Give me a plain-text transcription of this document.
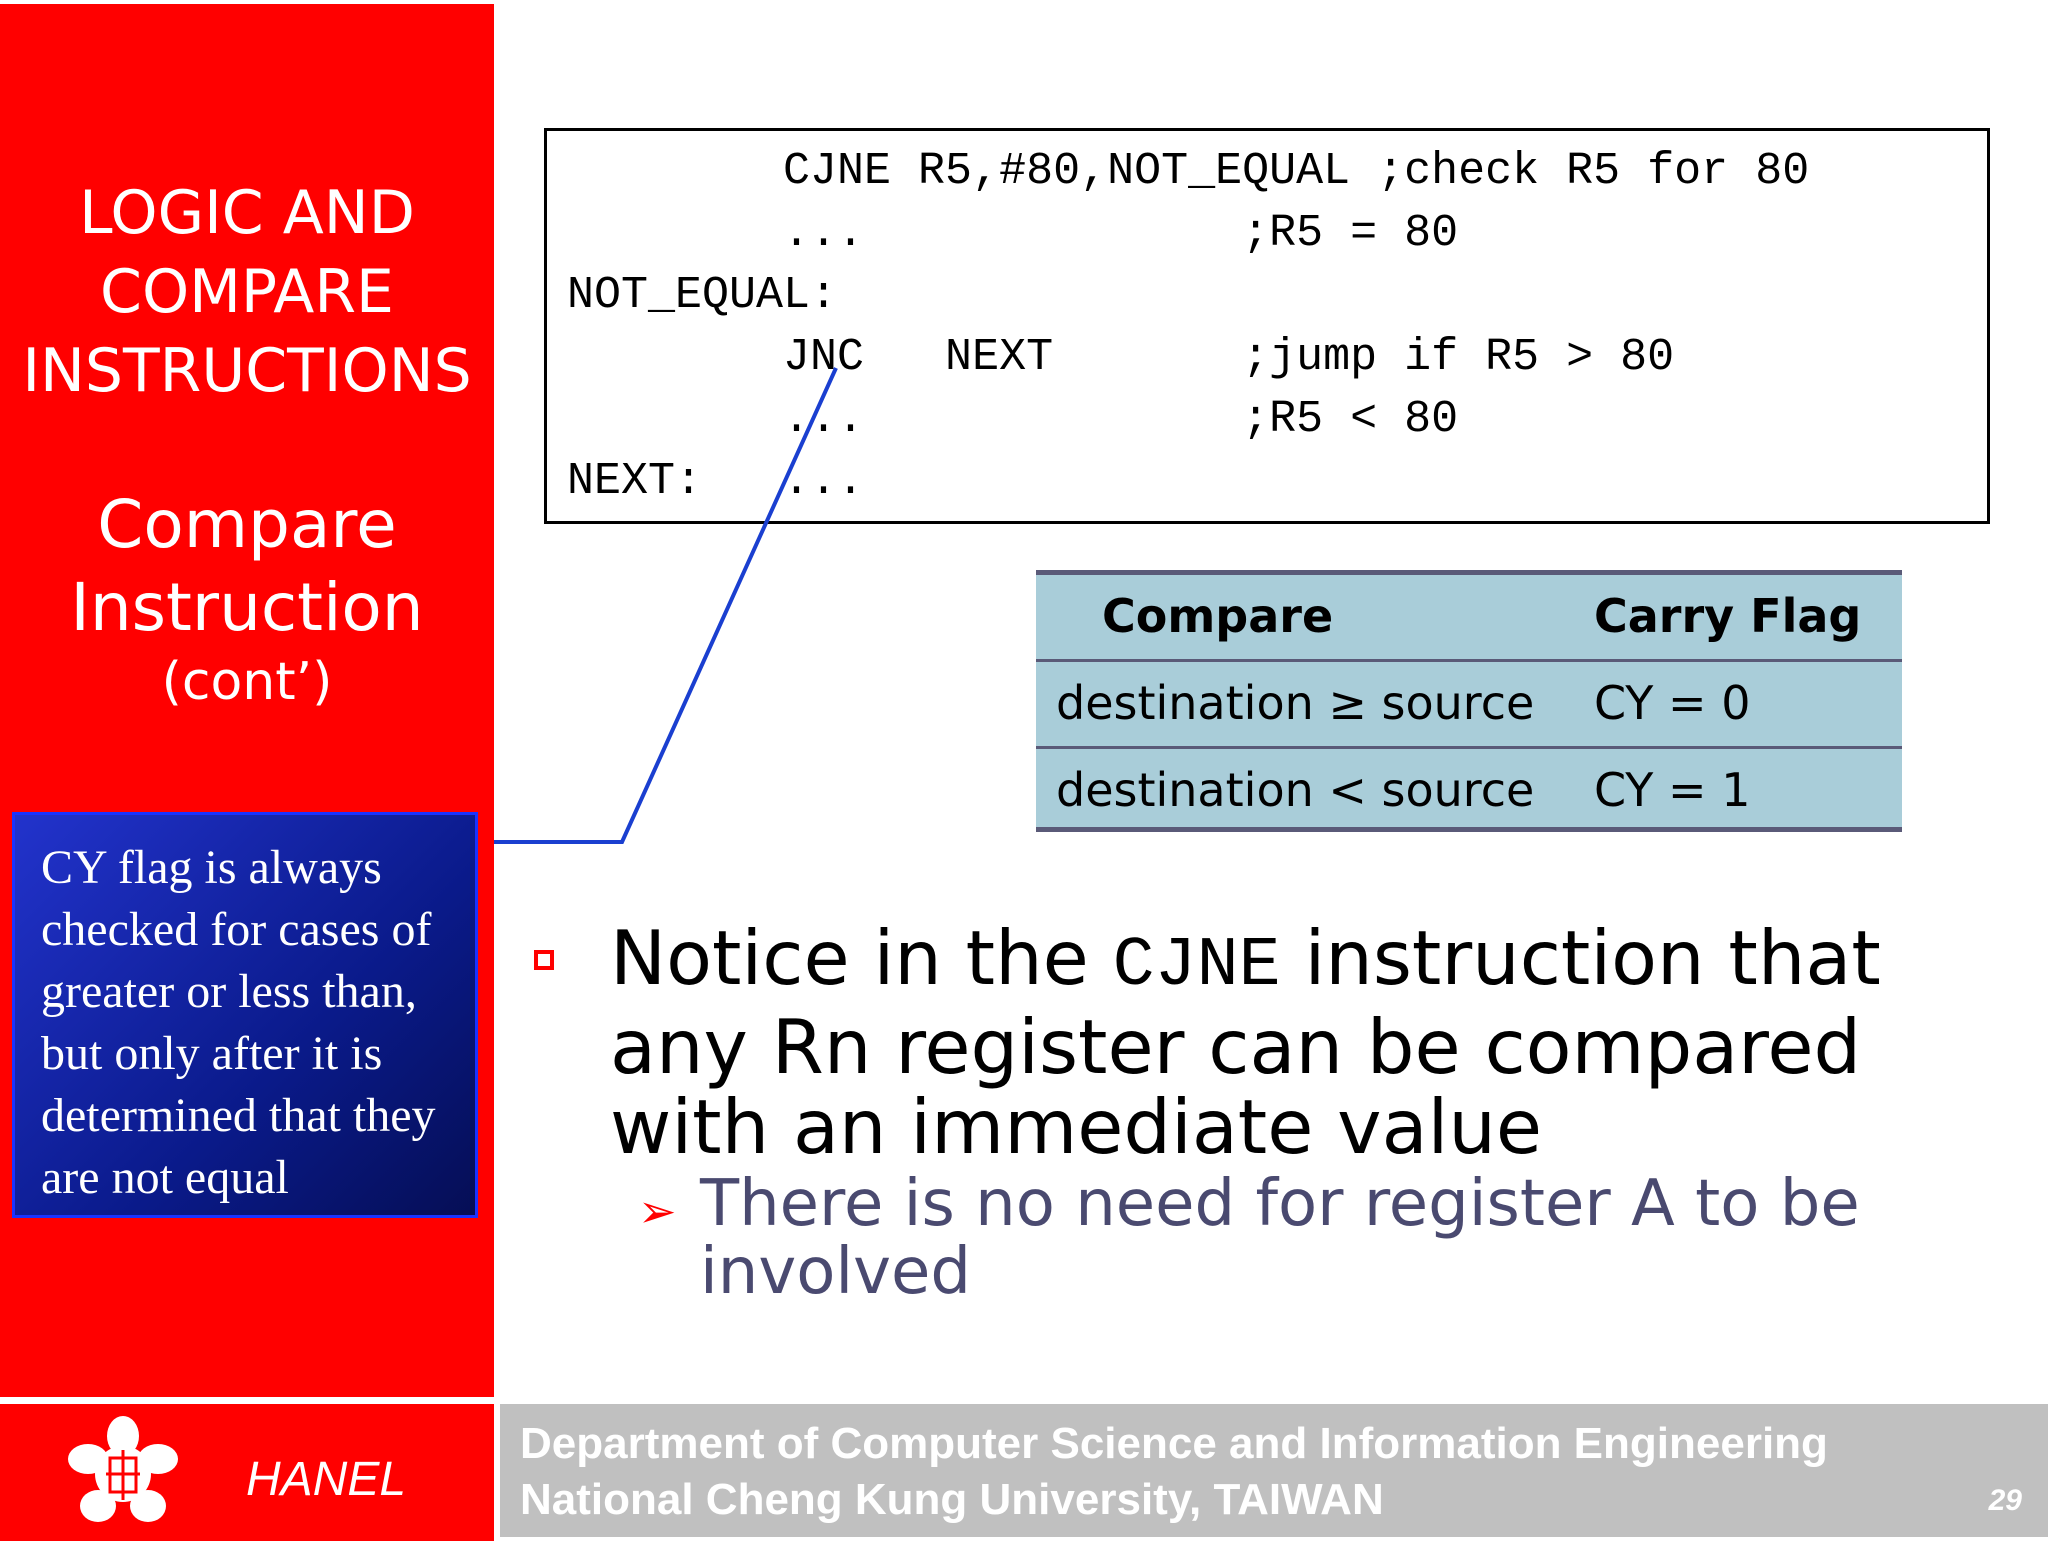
LOGIC AND
COMPARE
INSTRUCTIONS
Compare
Instruction
(cont’)
CY flag is always checked for cases of greater or less than, but only after it is determined that they are not equal
CJNE R5,#80,NOT_EQUAL ;check R5 for 80
...              ;R5 = 80
NOT_EQUAL:
JNC   NEXT       ;jump if R5 > 80
...              ;R5 < 80
NEXT:   ...
Compare	Carry Flag
destination ≥ source CY = 0
destination < source CY = 1
Notice in the CJNE instruction that any Rn register can be compared with an immediate value
➢ There is no need for register A to be involved
HANEL
Department of Computer Science and Information Engineering
National Cheng Kung University, TAIWAN	29
